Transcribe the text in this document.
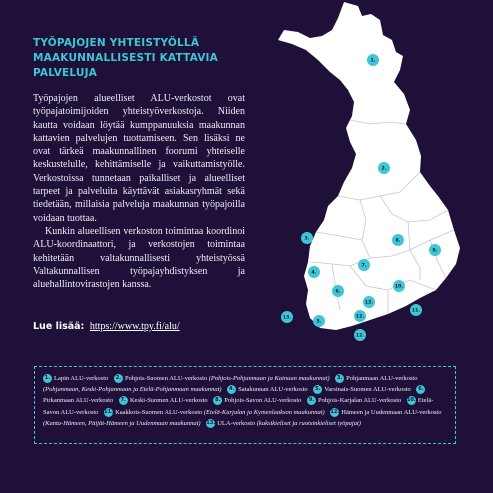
TYÖPAJOJEN YHTEISTYÖLLÄ
MAAKUNNALLISESTI KATTAVIA
PALVELUJA

Työpajojen alueelliset ALU-verkostot ovat työpajatoimijoiden yhteistyöverkostoja. Niiden kautta voidaan löytää kumppanuuksia maakunnan kattavien palvelujen tuottamiseen. Sen lisäksi ne ovat tärkeä maakunnallinen foorumi yhteiselle keskustelulle, kehittämiselle ja vaikuttamistyölle. Verkostoissa tunnetaan paikalliset ja alueelliset tarpeet ja palveluita käyttävät asiakasryhmät sekä tiedetään, millaisia palveluja maakunnan työpajoilla voidaan tuottaa.

Kunkin alueellisen verkoston toimintaa koordinoi ALU-koordinaattori, ja verkostojen toimintaa kehitetään valtakunnallisesti yhteistyössä Valtakunnallisen työpajayhdistyksen ja aluehallintovirastojen kanssa.

Lue lisää: https://www.tpy.fi/alu/
1.
2.
3.
4.
5.
6.
7.
8.
9.
10.
11.
12.
12.
12.
13.
1. Lapin ALU-verkosto 2. Pohjois-Suomen ALU-verkosto (Pohjois-Pohjanmaan ja Kainuun maakunnat) 3. Pohjanmaan ALU-verkosto (Pohjanmaan, Keski-Pohjanmaan ja Etelä-Pohjanmaan maakunnat) 4. Satakunnan ALU-verkosto 5. Varsinais-Suomen ALU-verkosto 6.Pirkanmaan ALU-verkosto 7. Keski-Suomen ALU-verkosto 8. Pohjois-Savon ALU-verkosto 9. Pohjois-Karjalan ALU-verkosto 10. Etelä-Savon ALU-verkosto 11. Kaakkois-Suomen ALU-verkosto (Etelä-Karjalan ja Kymenlaakson maakunnat) 12. Hämeen ja Uudenmaan ALU-verkosto (Kanta-Hämeen, Päijät-Hämeen ja Uudenmaan maakunnat) 13. ULA-verkosto (kaksikieliset ja ruotsinkieliset työpajat)
